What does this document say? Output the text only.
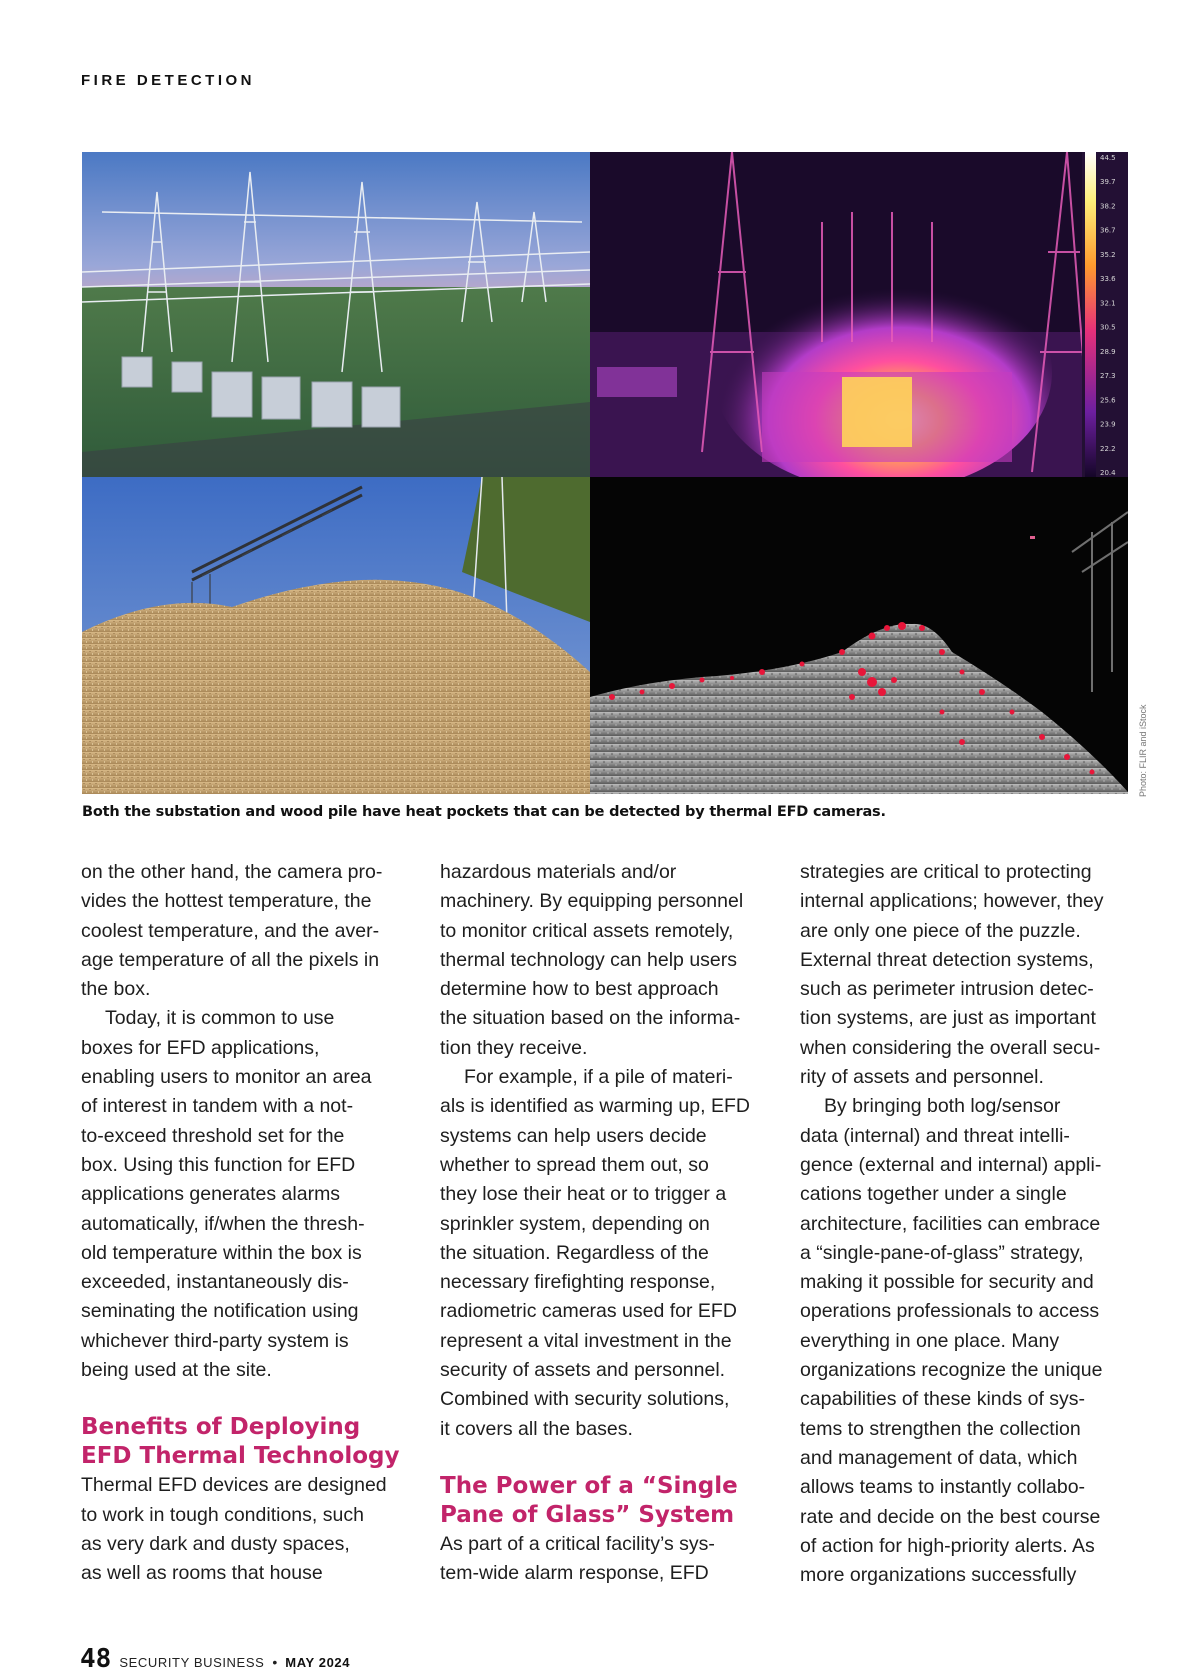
FIRE DETECTION
44.5
39.7
38.2
36.7
35.2
33.6
32.1
30.5
28.9
27.3
25.6
23.9
22.2
20.4
Photo: FLIR and iStock
Both the substation and wood pile have heat pockets that can be detected by thermal EFD cameras.

on the other hand, the camera pro-
vides the hottest temperature, the
coolest temperature, and the aver-
age temperature of all the pixels in
the box.

Today, it is common to use
boxes for EFD applications,
enabling users to monitor an area
of interest in tandem with a not-
to-exceed threshold set for the
box. Using this function for EFD
applications generates alarms
automatically, if/when the thresh-
old temperature within the box is
exceeded, instantaneously dis-
seminating the notification using
whichever third-party system is
being used at the site.

Benefits of Deploying
EFD Thermal Technology

Thermal EFD devices are designed
to work in tough conditions, such
as very dark and dusty spaces,
as well as rooms that house

hazardous materials and/or
machinery. By equipping personnel
to monitor critical assets remotely,
thermal technology can help users
determine how to best approach
the situation based on the informa-
tion they receive.

For example, if a pile of materi-
als is identified as warming up, EFD
systems can help users decide
whether to spread them out, so
they lose their heat or to trigger a
sprinkler system, depending on
the situation. Regardless of the
necessary firefighting response,
radiometric cameras used for EFD
represent a vital investment in the
security of assets and personnel.
Combined with security solutions,
it covers all the bases.

The Power of a “Single
Pane of Glass” System

As part of a critical facility’s sys-
tem-wide alarm response, EFD

strategies are critical to protecting
internal applications; however, they
are only one piece of the puzzle.
External threat detection systems,
such as perimeter intrusion detec-
tion systems, are just as important
when considering the overall secu-
rity of assets and personnel.

By bringing both log/sensor
data (internal) and threat intelli-
gence (external and internal) appli-
cations together under a single
architecture, facilities can embrace
a “single-pane-of-glass” strategy,
making it possible for security and
operations professionals to access
everything in one place. Many
organizations recognize the unique
capabilities of these kinds of sys-
tems to strengthen the collection
and management of data, which
allows teams to instantly collabo-
rate and decide on the best course
of action for high-priority alerts. As
more organizations successfully

48 SECURITY BUSINESS • MAY 2024
